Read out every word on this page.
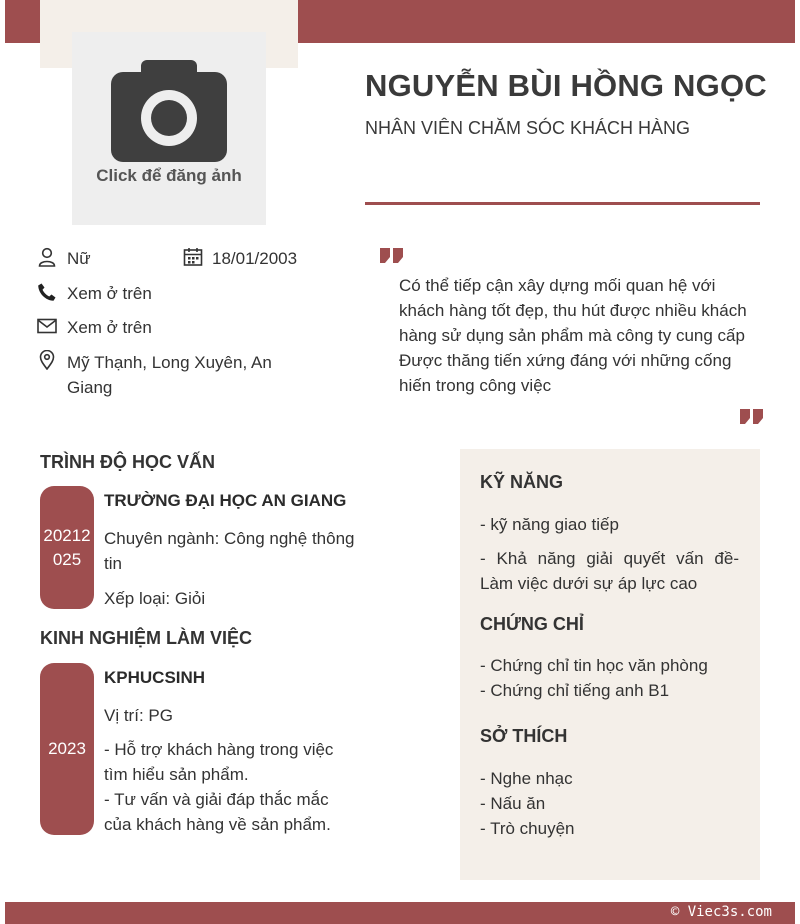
Click để đăng ảnh
NGUYỄN BÙI HỒNG NGỌC
NHÂN VIÊN CHĂM SÓC KHÁCH HÀNG
Nữ	18/01/2003
Xem ở trên
Xem ở trên
Mỹ Thạnh, Long Xuyên, An
Giang
Có thể tiếp cận xây dựng mối quan hệ với
khách hàng tốt đẹp, thu hút được nhiều khách
hàng sử dụng sản phẩm mà công ty cung cấp
Được thăng tiến xứng đáng với những cống
hiến trong công việc
TRÌNH ĐỘ HỌC VẤN
20212
025
TRƯỜNG ĐẠI HỌC AN GIANG
Chuyên ngành: Công nghệ thông
tin
Xếp loại: Giỏi
KINH NGHIỆM LÀM VIỆC
2023
KPHUCSINH
Vị trí: PG
- Hỗ trợ khách hàng trong việc
tìm hiểu sản phẩm.
- Tư vấn và giải đáp thắc mắc
của khách hàng về sản phẩm.
KỸ NĂNG
- kỹ năng giao tiếp
- Khả năng giải quyết vấn đề-
Làm việc dưới sự áp lực cao
CHỨNG CHỈ
- Chứng chỉ tin học văn phòng
- Chứng chỉ tiếng anh B1
SỞ THÍCH
- Nghe nhạc
- Nấu ăn
- Trò chuyện
© Viec3s.com
